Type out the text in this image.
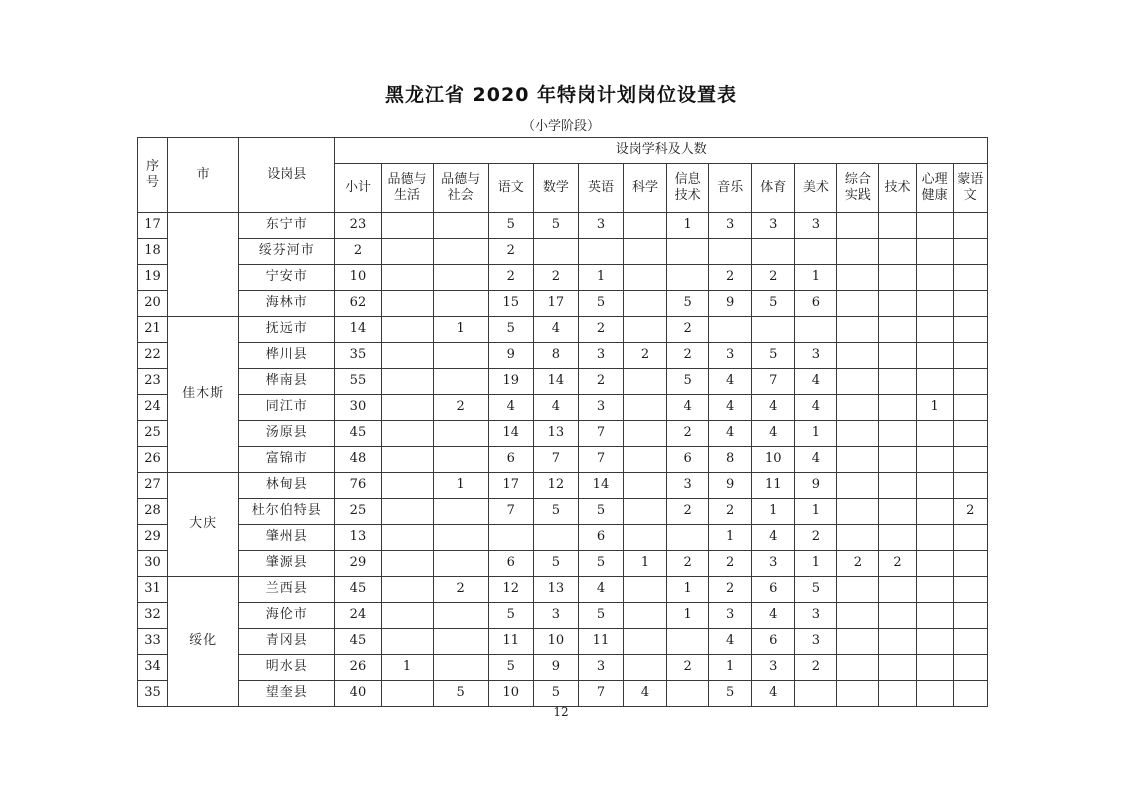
黑龙江省 2020 年特岗计划岗位设置表
（小学阶段）
序号	市	设岗县	设岗学科及人数														
			小计	品德与生活	品德与社会	语文	数学	英语	科学	信息技术	音乐	体育	美术	综合实践	技术	心理健康	蒙语文
17		东宁市	23			5	5	3		1	3	3	3				
18		绥芬河市	2			2											
19		宁安市	10			2	2	1			2	2	1				
20		海林市	62			15	17	5		5	9	5	6				
21	佳木斯	抚远市	14		1	5	4	2		2							
22		桦川县	35			9	8	3	2	2	3	5	3				
23		桦南县	55			19	14	2		5	4	7	4				
24		同江市	30		2	4	4	3		4	4	4	4			1	
25		汤原县	45			14	13	7		2	4	4	1				
26		富锦市	48			6	7	7		6	8	10	4				
27	大庆	林甸县	76		1	17	12	14		3	9	11	9				
28		杜尔伯特县	25			7	5	5		2	2	1	1				2
29		肇州县	13					6			1	4	2				
30		肇源县	29			6	5	5	1	2	2	3	1	2	2		
31	绥化	兰西县	45		2	12	13	4		1	2	6	5				
32		海伦市	24			5	3	5		1	3	4	3				
33		青冈县	45			11	10	11			4	6	3				
34		明水县	26	1		5	9	3		2	1	3	2				
35		望奎县	40		5	10	5	7	4		5	4					
12
